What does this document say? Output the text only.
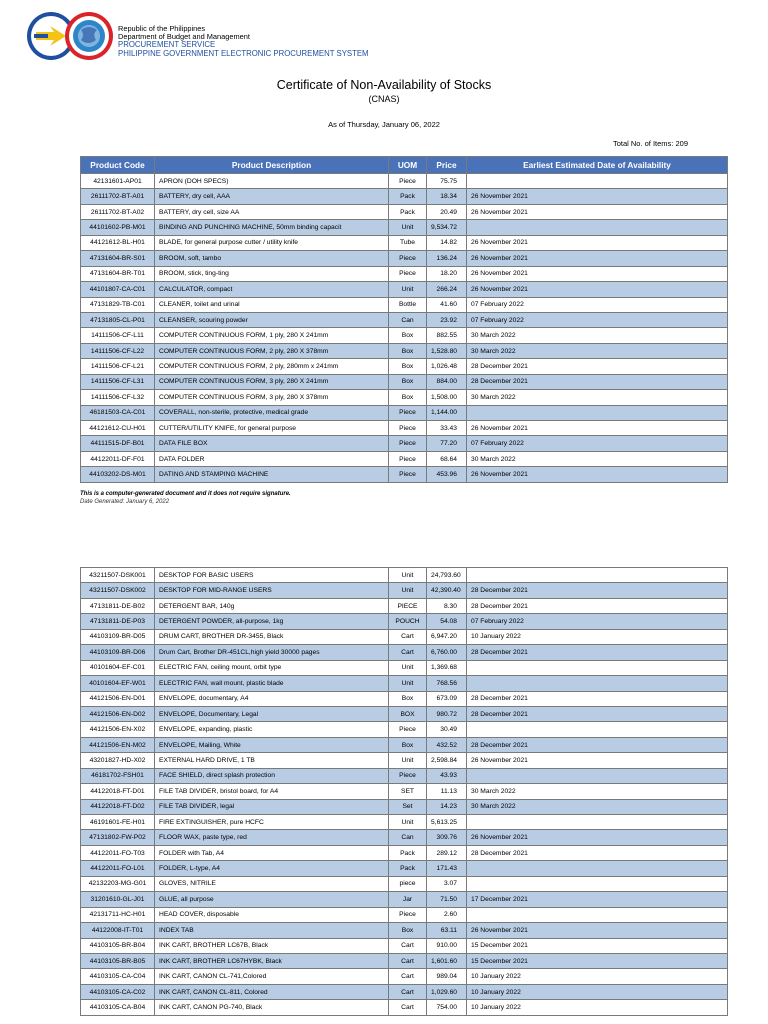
Republic of the Philippines
Department of Budget and Management
PROCUREMENT SERVICE
PHILIPPINE GOVERNMENT ELECTRONIC PROCUREMENT SYSTEM
Certificate of Non-Availability of Stocks
(CNAS)
As of Thursday, January 06, 2022
Total No. of Items: 209
Product Code	Product Description	UOM	Price	Earliest Estimated Date of Availability
42131601-AP01	APRON (DOH SPECS)	Piece	75.75	
26111702-BT-A01	BATTERY, dry cell, AAA	Pack	18.34	26 November 2021
26111702-BT-A02	BATTERY, dry cell, size AA	Pack	20.49	26 November 2021
44101602-PB-M01	BINDING AND PUNCHING MACHINE, 50mm binding capacit	Unit	9,534.72	
44121612-BL-H01	BLADE, for general purpose cutter / utility knife	Tube	14.82	26 November 2021
47131604-BR-S01	BROOM, soft, tambo	Piece	136.24	26 November 2021
47131604-BR-T01	BROOM, stick, ting-ting	Piece	18.20	26 November 2021
44101807-CA-C01	CALCULATOR, compact	Unit	266.24	26 November 2021
47131829-TB-C01	CLEANER, toilet and urinal	Bottle	41.60	07 February 2022
47131805-CL-P01	CLEANSER, scouring powder	Can	23.92	07 February 2022
14111506-CF-L11	COMPUTER CONTINUOUS FORM, 1 ply, 280 X 241mm	Box	882.55	30 March 2022
14111506-CF-L22	COMPUTER CONTINUOUS FORM, 2 ply, 280 X 378mm	Box	1,528.80	30 March 2022
14111506-CF-L21	COMPUTER CONTINUOUS FORM, 2 ply, 280mm x 241mm	Box	1,026.48	28 December 2021
14111506-CF-L31	COMPUTER CONTINUOUS FORM, 3 ply, 280 X 241mm	Box	884.00	28 December 2021
14111506-CF-L32	COMPUTER CONTINUOUS FORM, 3 ply, 280 X 378mm	Box	1,508.00	30 March 2022
46181503-CA-C01	COVERALL, non-sterile, protective, medical grade	Piece	1,144.00	
44121612-CU-H01	CUTTER/UTILITY KNIFE, for general purpose	Piece	33.43	26 November 2021
44111515-DF-B01	DATA FILE BOX	Piece	77.20	07 February 2022
44122011-DF-F01	DATA FOLDER	Piece	68.64	30 March 2022
44103202-DS-M01	DATING AND STAMPING MACHINE	Piece	453.96	26 November 2021
This is a computer-generated document and it does not require signature.
Date Generated: January 6, 2022
43211507-DSK001	DESKTOP FOR BASIC USERS	Unit	24,793.60	
43211507-DSK002	DESKTOP FOR MID-RANGE USERS	Unit	42,390.40	28 December 2021
47131811-DE-B02	DETERGENT BAR, 140g	PIECE	8.30	28 December 2021
47131811-DE-P03	DETERGENT POWDER, all-purpose, 1kg	POUCH	54.08	07 February 2022
44103109-BR-D05	DRUM CART, BROTHER DR-3455, Black	Cart	6,947.20	10 January 2022
44103109-BR-D06	Drum Cart, Brother DR-451CL,high yield 30000 pages	Cart	6,760.00	28 December 2021
40101604-EF-C01	ELECTRIC FAN, ceiling mount, orbit type	Unit	1,369.68	
40101604-EF-W01	ELECTRIC FAN, wall mount, plastic blade	Unit	768.56	
44121506-EN-D01	ENVELOPE, documentary, A4	Box	673.09	28 December 2021
44121506-EN-D02	ENVELOPE, Documentary, Legal	BOX	980.72	28 December 2021
44121506-EN-X02	ENVELOPE, expanding, plastic	Piece	30.49	
44121506-EN-M02	ENVELOPE, Mailing, White	Box	432.52	28 December 2021
43201827-HD-X02	EXTERNAL HARD DRIVE, 1 TB	Unit	2,598.84	26 November 2021
46181702-FSH01	FACE SHIELD, direct splash protection	Piece	43.93	
44122018-FT-D01	FILE TAB DIVIDER, bristol board, for A4	SET	11.13	30 March 2022
44122018-FT-D02	FILE TAB DIVIDER, legal	Set	14.23	30 March 2022
46191601-FE-H01	FIRE EXTINGUISHER, pure HCFC	Unit	5,613.25	
47131802-FW-P02	FLOOR WAX, paste type, red	Can	309.76	26 November 2021
44122011-FO-T03	FOLDER with Tab, A4	Pack	289.12	28 December 2021
44122011-FO-L01	FOLDER, L-type, A4	Pack	171.43	
42132203-MG-G01	GLOVES, NITRILE	piece	3.07	
31201610-GL-J01	GLUE, all purpose	Jar	71.50	17 December 2021
42131711-HC-H01	HEAD COVER, disposable	Piece	2.60	
44122008-IT-T01	INDEX TAB	Box	63.11	26 November 2021
44103105-BR-B04	INK CART, BROTHER LC67B, Black	Cart	910.00	15 December 2021
44103105-BR-B05	INK CART, BROTHER LC67HYBK, Black	Cart	1,601.60	15 December 2021
44103105-CA-C04	INK CART, CANON CL-741,Colored	Cart	989.04	10 January 2022
44103105-CA-C02	INK CART, CANON CL-811, Colored	Cart	1,029.60	10 January 2022
44103105-CA-B04	INK CART, CANON PG-740, Black	Cart	754.00	10 January 2022
